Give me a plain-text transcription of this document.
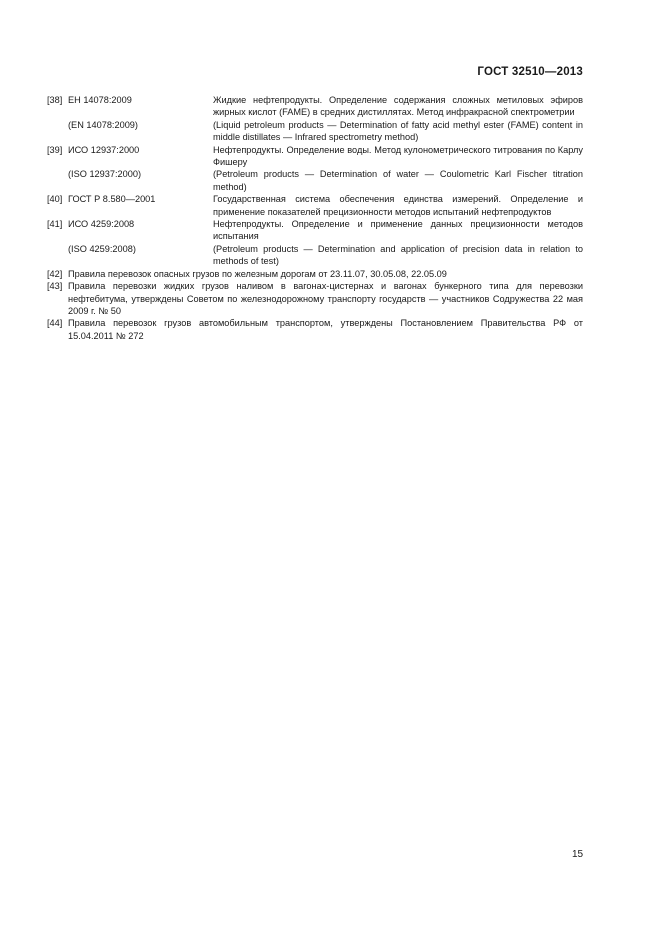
ГОСТ 32510—2013
[38] ЕН 14078:2009	Жидкие нефтепродукты. Определение содержания сложных метиловых эфиров жирных кислот (FAME) в средних дистиллятах. Метод инфракрасной спектрометрии
(EN 14078:2009)	(Liquid petroleum products — Determination of fatty acid methyl ester (FAME) content in middle distillates — Infrared spectrometry method)
[39] ИСО 12937:2000	Нефтепродукты. Определение воды. Метод кулонометрического титрования по Карлу Фишеру
(ISO 12937:2000)	(Petroleum products — Determination of water — Coulometric Karl Fischer titration method)
[40] ГОСТ Р 8.580—2001	Государственная система обеспечения единства измерений. Определение и применение показателей прецизионности методов испытаний нефтепродуктов
[41] ИСО 4259:2008	Нефтепродукты. Определение и применение данных прецизионности методов испытания
(ISO 4259:2008)	(Petroleum products — Determination and application of precision data in relation to methods of test)
[42] Правила перевозок опасных грузов по железным дорогам от 23.11.07, 30.05.08, 22.05.09
[43] Правила перевозки жидких грузов наливом в вагонах-цистернах и вагонах бункерного типа для перевозки нефтебитума, утверждены Советом по железнодорожному транспорту государств — участников Содружества 22 мая 2009 г. № 50
[44] Правила перевозок грузов автомобильным транспортом, утверждены Постановлением Правительства РФ от 15.04.2011 № 272
15
